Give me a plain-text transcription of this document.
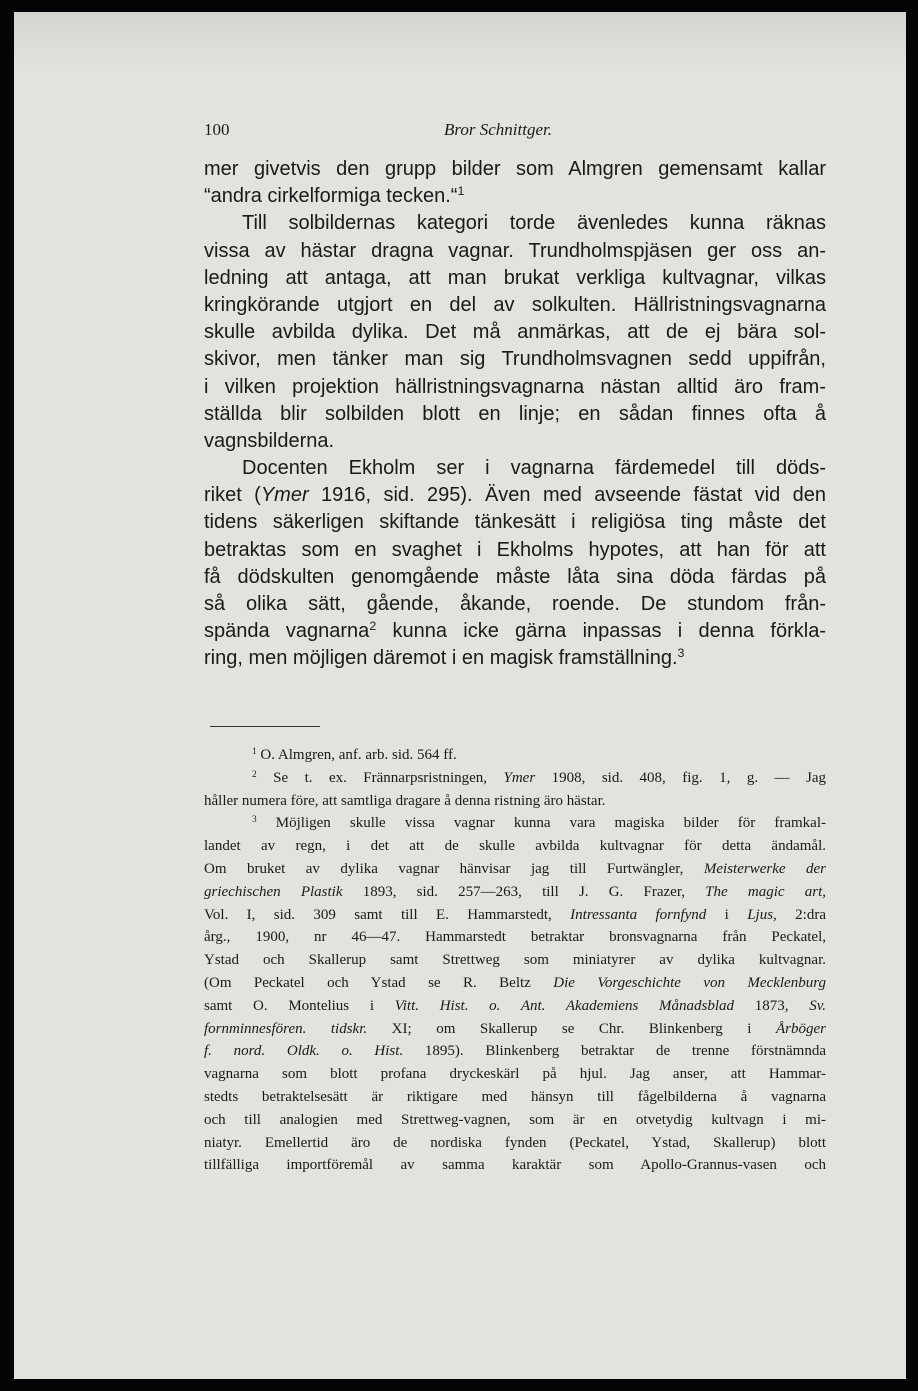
100	Bror Schnittger.
mer givetvis den grupp bilder som Almgren gemensamt kallar
“andra cirkelformiga tecken.“$^1$
Till solbildernas kategori torde ävenledes kunna räknas
vissa av hästar dragna vagnar. Trundholmspjäsen ger oss an-
ledning att antaga, att man brukat verkliga kultvagnar, vilkas
kringkörande utgjort en del av solkulten. Hällristningsvagnarna
skulle avbilda dylika. Det må anmärkas, att de ej bära sol-
skivor, men tänker man sig Trundholmsvagnen sedd uppifrån,
i vilken projektion hällristningsvagnarna nästan alltid äro fram-
ställda blir solbilden blott en linje; en sådan finnes ofta å
vagnsbilderna.
Docenten Ekholm ser i vagnarna färdemedel till döds-
riket (Ymer 1916, sid. 295). Även med avseende fästat vid den
tidens säkerligen skiftande tänkesätt i religiösa ting måste det
betraktas som en svaghet i Ekholms hypotes, att han för att
få dödskulten genomgående måste låta sina döda färdas på
så olika sätt, gående, åkande, roende. De stundom från-
spända vagnarna$^2$ kunna icke gärna inpassas i denna förkla-
ring, men möjligen däremot i en magisk framställning.$^3$
$^1$ O. Almgren, anf. arb. sid. 564 ff.
$^2$ Se t. ex. Frännarpsristningen, Ymer 1908, sid. 408, fig. 1, g. — Jag
håller numera före, att samtliga dragare å denna ristning äro hästar.
$^3$ Möjligen skulle vissa vagnar kunna vara magiska bilder för framkal-
landet av regn, i det att de skulle avbilda kultvagnar för detta ändamål.
Om bruket av dylika vagnar hänvisar jag till Furtwängler, Meisterwerke der
griechischen Plastik 1893, sid. 257—263, till J. G. Frazer, The magic art,
Vol. I, sid. 309 samt till E. Hammarstedt, Intressanta fornfynd i Ljus, 2:dra
årg., 1900, nr 46—47. Hammarstedt betraktar bronsvagnarna från Peckatel,
Ystad och Skallerup samt Strettweg som miniatyrer av dylika kultvagnar.
(Om Peckatel och Ystad se R. Beltz Die Vorgeschichte von Mecklenburg
samt O. Montelius i Vitt. Hist. o. Ant. Akademiens Månadsblad 1873, Sv.
fornminnesfören. tidskr. XI; om Skallerup se Chr. Blinkenberg i Årböger
f. nord. Oldk. o. Hist. 1895). Blinkenberg betraktar de trenne förstnämnda
vagnarna som blott profana dryckeskärl på hjul. Jag anser, att Hammar-
stedts betraktelsesätt är riktigare med hänsyn till fågelbilderna å vagnarna
och till analogien med Strettweg-vagnen, som är en otvetydig kultvagn i mi-
niatyr. Emellertid äro de nordiska fynden (Peckatel, Ystad, Skallerup) blott
tillfälliga importföremål av samma karaktär som Apollo-Grannus-vasen och
